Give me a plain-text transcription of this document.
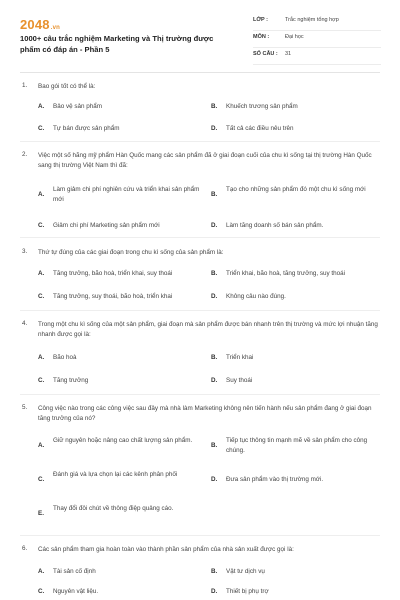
2048.vn
1000+ câu trắc nghiệm Marketing và Thị trường được phẩm có đáp án - Phần 5
LỚP :	Trắc nghiệm tổng hợp
MÔN :	Đại học
SỐ CÂU : 31
1. Bao gói tốt có thể là:
A. Bảo vệ sản phẩm	B. Khuếch trương sản phẩm
C. Tự bán được sản phẩm	D. Tất cả các điều nêu trên
2. Việc một số hãng mỹ phẩm Hàn Quốc mang các sản phẩm đã ở giai đoạn cuối của chu kì sống tại thị trường Hàn Quốc sang thị trường Việt Nam thì đã:
A.
Làm giảm chi phí nghiên cứu và triển khai sản phẩm mới
B.
Tạo cho những sản phẩm đó một chu kì sống mới
C. Giảm chi phí Marketing sản phẩm mới	D. Làm tăng doanh số bán sản phẩm.
3. Thứ tự đúng của các giai đoạn trong chu kì sống của sản phẩm là:
A. Tăng trưởng, bão hoà, triển khai, suy thoái	B. Triển khai, bão hoà, tăng trưởng, suy thoái
C. Tăng trưởng, suy thoái, bão hoà, triển khai	D. Không câu nào đúng.
4. Trong một chu kì sống của một sản phẩm, giai đoạn mà sản phẩm được bán nhanh trên thị trường và mức lợi nhuận tăng nhanh được gọi là:
A. Bão hoà	B. Triển khai
C. Tăng trưởng	D. Suy thoái
5. Công việc nào trong các công việc sau đây mà nhà làm Marketing không nên tiến hành nếu sản phẩm đang ở giai đoạn tăng trưởng của nó?
A.
Giữ nguyên hoặc nâng cao chất lượng sản phẩm.
B.
Tiếp tục thông tin mạnh mẽ về sản phẩm cho công chúng.
C.
Đánh giá và lựa chọn lại các kênh phân phối
D. Đưa sản phẩm vào thị trường mới.
E.
Thay đổi đôi chút về thông điệp quảng cáo.
6. Các sản phẩm tham gia hoàn toàn vào thành phần sản phẩm của nhà sản xuất được gọi là:
A. Tài sản cố định	B. Vật tư dịch vụ
C. Nguyên vật liệu.	D. Thiết bị phụ trợ
